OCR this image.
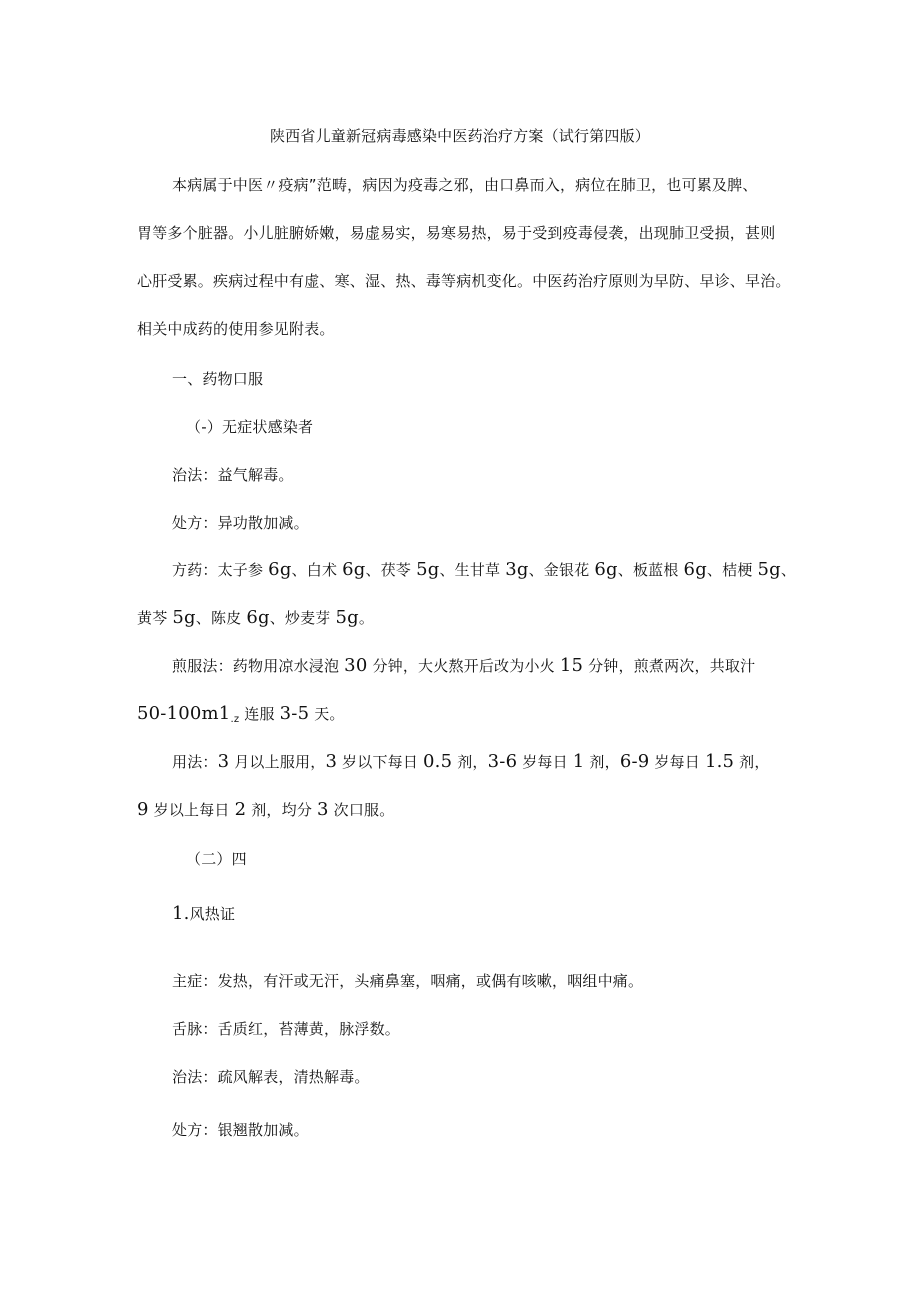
陕西省儿童新冠病毒感染中医药治疗方案（试行第四版）
本病属于中医〃疫病”范畴，病因为疫毒之邪，由口鼻而入，病位在肺卫，也可累及脾、
胃等多个脏器。小儿脏腑娇嫩，易虚易实，易寒易热，易于受到疫毒侵袭，出现肺卫受损，甚则
心肝受累。疾病过程中有虚、寒、湿、热、毒等病机变化。中医药治疗原则为早防、早诊、早治。
相关中成药的使用参见附表。
一、药物口服
（-）无症状感染者
治法：益气解毒。
处方：异功散加减。
方药：太子参 6g、白术 6g、茯苓 5g、生甘草 3g、金银花 6g、板蓝根 6g、桔梗 5g、
黄芩 5g、陈皮 6g、炒麦芽 5g。
煎服法：药物用凉水浸泡 30 分钟，大火熬开后改为小火 15 分钟，煎煮两次，共取汁
$50-100m1_{.z}$ 连服 3-5 天。
用法：3 月以上服用，3 岁以下每日 0.5 剂，3-6 岁每日 1 剂，6-9 岁每日 1.5 剂，
9 岁以上每日 2 剂，均分 3 次口服。
（二）四
1.风热证
主症：发热，有汗或无汗，头痛鼻塞，咽痛，或偶有咳嗽，咽组中痛。
舌脉：舌质红，苔薄黄，脉浮数。
治法：疏风解表，清热解毒。
处方：银翘散加减。
